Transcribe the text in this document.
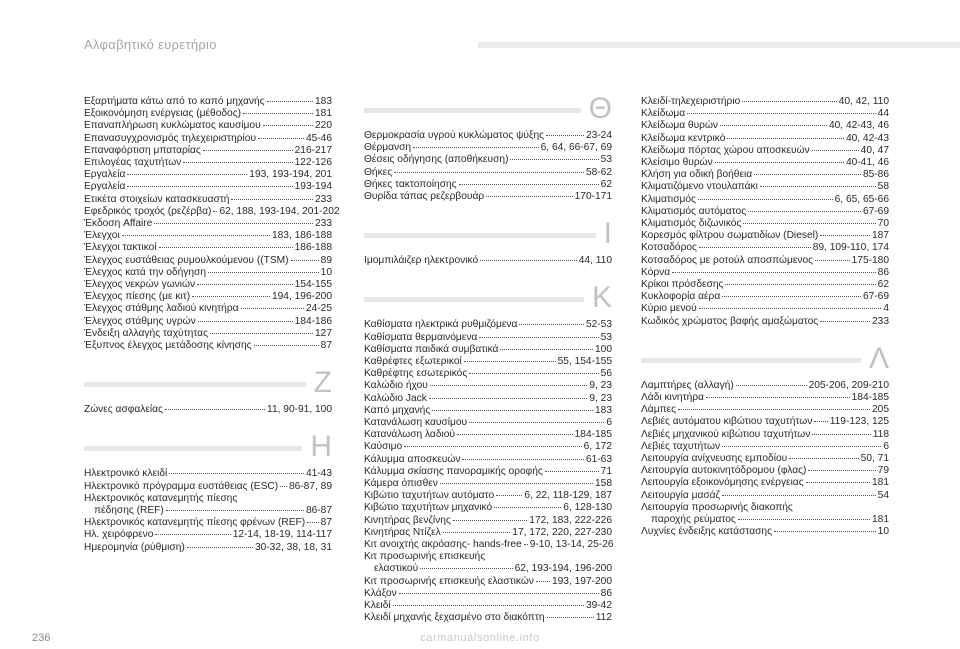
Αλφαβητικό ευρετήριο
Εξαρτήματα κάτω από το καπό μηχανής	183
Εξοικονόμηση ενέργειας (μέθοδος)	181
Επαναπλήρωση κυκλώματος καυσίμου	220
Επανασυγχρονισμός τηλεχειριστηρίου	45-46
Επαναφόρτιση μπαταρίας	216-217
Επιλογέας ταχυτήτων	122-126
Εργαλεία	193, 193-194, 201
Εργαλεία	193-194
Ετικέτα στοιχείων κατασκευαστή	233
Εφεδρικός τροχός (ρεζέρβα) 62, 188, 193-194, 201-202
Έκδοση Affaire	233
Έλεγχοι	183, 186-188
Έλεγχοι τακτικοί	186-188
Έλεγχος ευστάθειας ρυμουλκούμενου ((TSM)	89
Έλεγχος κατά την οδήγηση	10
Έλεγχος νεκρών γωνιών	154-155
Έλεγχος πίεσης (με κιτ)	194, 196-200
Έλεγχος στάθμης λαδιού κινητήρα	24-25
Έλεγχος στάθμης υγρών	184-186
Ένδειξη αλλαγής ταχύτητας	127
Έξυπνος έλεγχος μετάδοσης κίνησης	87
Ζ
Ζώνες ασφαλείας	11, 90-91, 100
Η
Ηλεκτρονικό κλειδί	41-43
Ηλεκτρονικό πρόγραμμα ευστάθειας (ESC) 86-87, 89
Ηλεκτρονικός κατανεμητής πίεσης
πέδησης (REF)	86-87
Ηλεκτρονικός κατανεμητής πίεσης φρένων (REF) 87
Ηλ. χειρόφρενο	12-14, 18-19, 114-117
Ημερομηνία (ρύθμιση)	30-32, 38, 18, 31
Θ
Θερμοκρασία υγρού κυκλώματος ψύξης	23-24
Θέρμανση	6, 64, 66-67, 69
Θέσεις οδήγησης (αποθήκευση)	53
Θήκες	58-62
Θήκες τακτοποίησης	62
Θυρίδα τάπας ρεζερβουάρ	170-171
Ι
Ιμομπιλάιζερ ηλεκτρονικό	44, 110
Κ
Καθίσματα ηλεκτρικά ρυθμιζόμενα	52-53
Καθίσματα θερμαινόμενα	53
Καθίσματα παιδικά συμβατικά	100
Καθρέφτες εξωτερικοί	55, 154-155
Καθρέφτης εσωτερικός	56
Καλώδιο ήχου	9, 23
Καλώδιο Jack	9, 23
Καπό μηχανής	183
Κατανάλωση καυσίμου	6
Κατανάλωση λαδιού	184-185
Καύσιμο	6, 172
Κάλυμμα αποσκευών	61-63
Κάλυμμα σκίασης πανοραμικής οροφής	71
Κάμερα όπισθεν	158
Κιβώτιο ταχυτήτων αυτόματο	6, 22, 118-129, 187
Κιβώτιο ταχυτήτων μηχανικό	6, 128-130
Κινητήρας βενζίνης	172, 183, 222-226
Κινητήρας Ντίζελ	17, 172, 220, 227-230
Κιτ ανοιχτής ακρόασης- hands-free 9-10, 13-14, 25-26
Κιτ προσωρινής επισκευής
ελαστικού	62, 193-194, 196-200
Κιτ προσωρινής επισκευής ελαστικών 193, 197-200
Κλάξον	86
Κλειδί	39-42
Κλειδί μηχανής ξεχασμένο στο διακόπτη	112
Κλειδί-τηλεχειριστήριο	40, 42, 110
Κλείδωμα	44
Κλείδωμα θυρών	40, 42-43, 46
Κλείδωμα κεντρικό	40, 42-43
Κλείδωμα πόρτας χώρου αποσκευών	40, 47
Κλείσιμο θυρών	40-41, 46
Κλήση για οδική βοήθεια	85-86
Κλιματιζόμενο ντουλαπάκι	58
Κλιματισμός	6, 65, 65-66
Κλιματισμός αυτόματος	67-69
Κλιματισμός διζωνικός	70
Κορεσμός φίλτρου σωματιδίων (Diesel)	187
Κοτσαδόρος	89, 109-110, 174
Κοτσαδόρος με ροτούλ αποσπώμενος	175-180
Κόρνα	86
Κρίκοι πρόσδεσης	62
Κυκλοφορία αέρα	67-69
Κύριο μενού	4
Κωδικός χρώματος βαφής αμαξώματος	233
Λ
Λαμπτήρες (αλλαγή)	205-206, 209-210
Λάδι κινητήρα	184-185
Λάμπες	205
Λεβιές αυτόματου κιβώτιου ταχυτήτων 119-123, 125
Λεβιές μηχανικού κιβώτιου ταχυτήτων	118
Λεβιές ταχυτήτων	6
Λειτουργία ανίχνευσης εμποδίου	50, 71
Λειτουργία αυτοκινητόδρομου (φλας)	79
Λειτουργία εξοικονόμησης ενέργειας	181
Λειτουργία μασάζ	54
Λειτουργία προσωρινής διακοπής
παροχής ρεύματος	181
Λυχνίες ένδειξης κατάστασης	10
236	carmanualsonline.info
